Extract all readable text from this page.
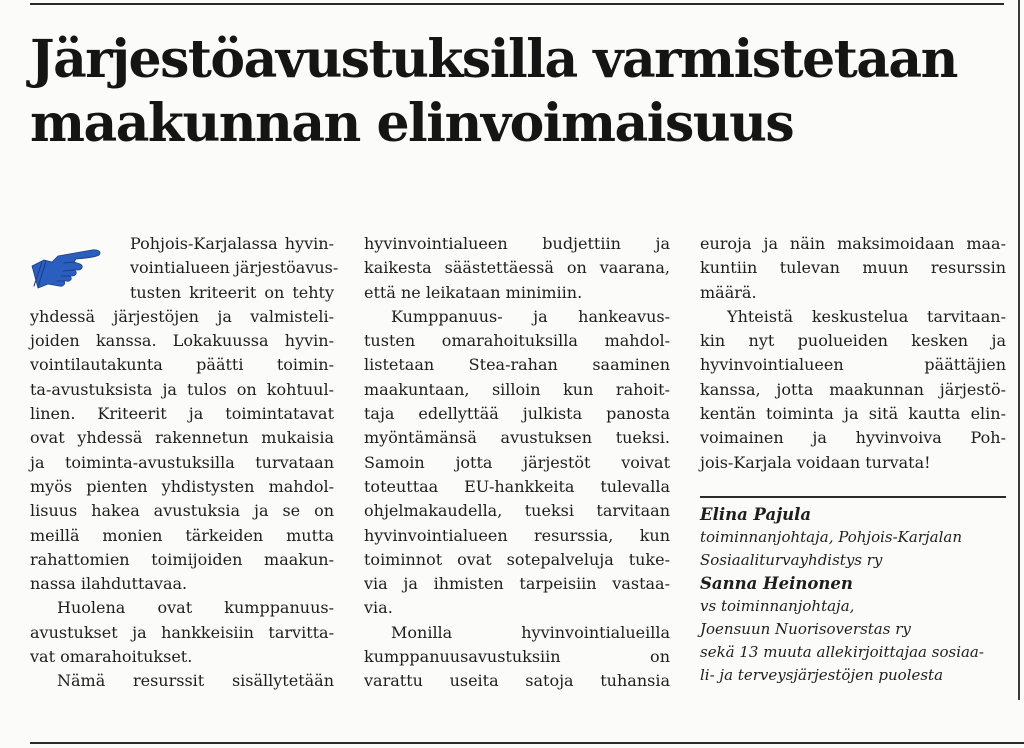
Järjestöavustuksilla varmistetaan
maakunnan elinvoimaisuus

Pohjois-Karjalassa hyvin-
vointialueen järjestöavus-
tusten kriteerit on tehty
yhdessä järjestöjen ja valmisteli-
joiden kanssa. Lokakuussa hyvin-
vointilautakunta päätti toimin-
ta-avustuksista ja tulos on kohtuul-
linen. Kriteerit ja toimintatavat
ovat yhdessä rakennetun mukaisia
ja toiminta-avustuksilla turvataan
myös pienten yhdistysten mahdol-
lisuus hakea avustuksia ja se on
meillä monien tärkeiden mutta
rahattomien toimijoiden maakun-
nassa ilahduttavaa.

Huolena ovat kumppanuus-
avustukset ja hankkeisiin tarvitta-
vat omarahoitukset.

Nämä resurssit sisällytetään

hyvinvointialueen budjettiin ja
kaikesta säästettäessä on vaarana,
että ne leikataan minimiin.

Kumppanuus- ja hankeavus-
tusten omarahoituksilla mahdol-
listetaan Stea-rahan saaminen
maakuntaan, silloin kun rahoit-
taja edellyttää julkista panosta
myöntämänsä avustuksen tueksi.
Samoin jotta järjestöt voivat
toteuttaa EU-hankkeita tulevalla
ohjelmakaudella, tueksi tarvitaan
hyvinvointialueen resurssia, kun
toiminnot ovat sotepalveluja tuke-
via ja ihmisten tarpeisiin vastaa-
via.

Monilla hyvinvointialueilla
kumppanuusavustuksiin on
varattu useita satoja tuhansia

euroja ja näin maksimoidaan maa-
kuntiin tulevan muun resurssin
määrä.

Yhteistä keskustelua tarvitaan-
kin nyt puolueiden kesken ja
hyvinvointialueen päättäjien
kanssa, jotta maakunnan järjestö-
kentän toiminta ja sitä kautta elin-
voimainen ja hyvinvoiva Poh-
jois-Karjala voidaan turvata!

Elina Pajula
toiminnanjohtaja, Pohjois-Karjalan
Sosiaaliturvayhdistys ry
Sanna Heinonen
vs toiminnanjohtaja,
Joensuun Nuorisoverstas ry
sekä 13 muuta allekirjoittajaa sosiaa-
li- ja terveysjärjestöjen puolesta
